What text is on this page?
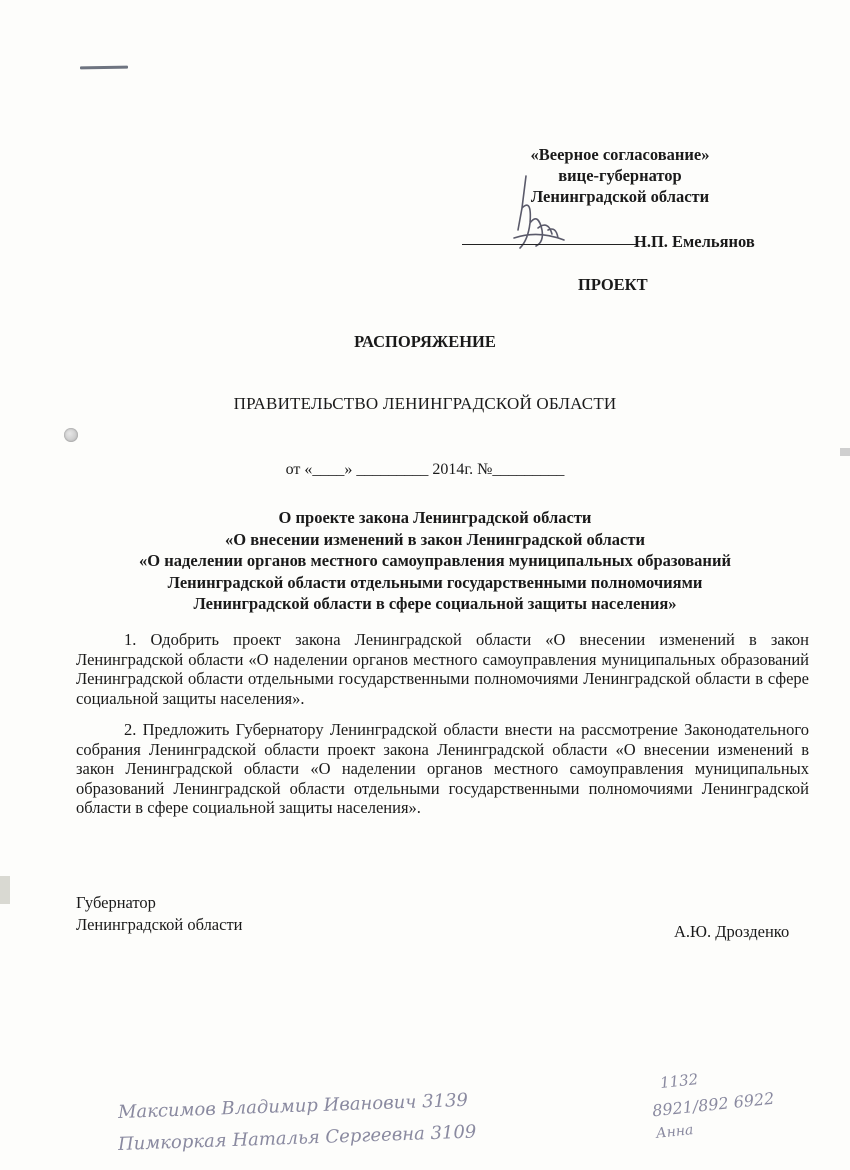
«Веерное согласование»
вице-губернатор
Ленинградской области
Н.П. Емельянов
ПРОЕКТ
РАСПОРЯЖЕНИЕ
ПРАВИТЕЛЬСТВО ЛЕНИНГРАДСКОЙ ОБЛАСТИ
от «____» _________ 2014г. №_________
О проекте закона Ленинградской области
«О внесении изменений в закон Ленинградской области
«О наделении органов местного самоуправления муниципальных образований
Ленинградской области отдельными государственными полномочиями
Ленинградской области в сфере социальной защиты населения»
1. Одобрить проект закона Ленинградской области «О внесении изменений в закон Ленинградской области «О наделении органов местного самоуправления муниципальных образований Ленинградской области отдельными государственными полномочиями Ленинградской области в сфере социальной защиты населения».
2. Предложить Губернатору Ленинградской области внести на рассмотрение Законодательного собрания Ленинградской области проект закона Ленинградской области «О внесении изменений в закон Ленинградской области «О наделении органов местного самоуправления муниципальных образований Ленинградской области отдельными государственными полномочиями Ленинградской области в сфере социальной защиты населения».
Губернатор
Ленинградской области	А.Ю. Дрозденко
Максимов Владимир Иванович 3139
Пимкоркая Наталья Сергеевна 3109
1132
8921/892 6922
Анна
